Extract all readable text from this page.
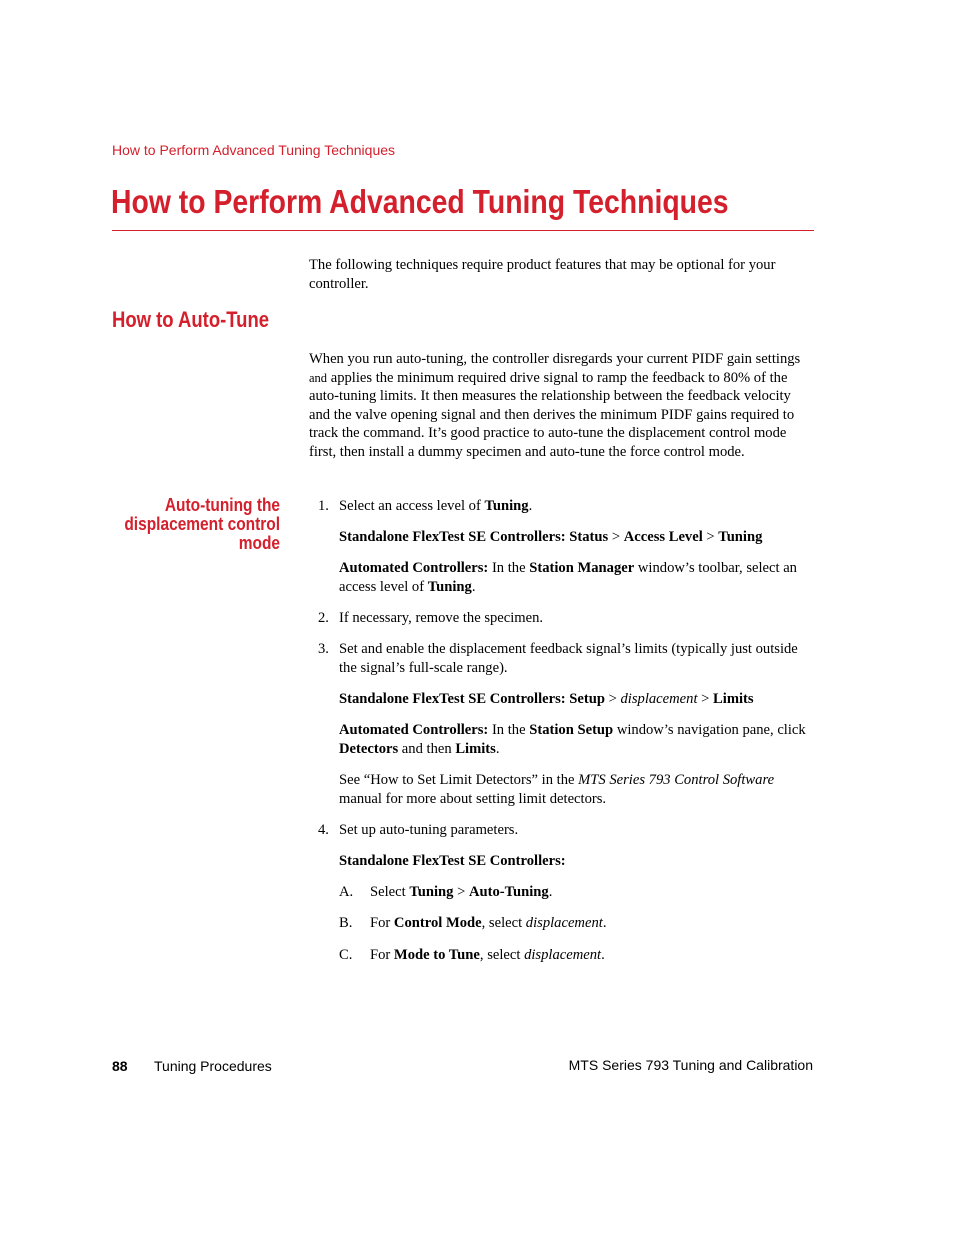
How to Perform Advanced Tuning Techniques
How to Perform Advanced Tuning Techniques

The following techniques require product features that may be optional for your controller.

How to Auto-Tune

When you run auto-tuning, the controller disregards your current PIDF gain settings and applies the minimum required drive signal to ramp the feedback to 80% of the auto-tuning limits. It then measures the relationship between the feedback velocity and the valve opening signal and then derives the minimum PIDF gains required to track the command. It’s good practice to auto-tune the displacement control mode first, then install a dummy specimen and auto-tune the force control mode.

Auto-tuning the
displacement control
mode
1. Select an access level of Tuning.

Standalone FlexTest SE Controllers: Status > Access Level > Tuning

Automated Controllers: In the Station Manager window’s toolbar, select an access level of Tuning.

2. If necessary, remove the specimen.

3. Set and enable the displacement feedback signal’s limits (typically just outside the signal’s full-scale range).

Standalone FlexTest SE Controllers: Setup > displacement > Limits

Automated Controllers: In the Station Setup window’s navigation pane, click Detectors and then Limits.

See “How to Set Limit Detectors” in the MTS Series 793 Control Software manual for more about setting limit detectors.

4. Set up auto-tuning parameters.

Standalone FlexTest SE Controllers:

A. Select Tuning > Auto-Tuning.
B. For Control Mode, select displacement.
C. For Mode to Tune, select displacement.
88 Tuning Procedures	MTS Series 793 Tuning and Calibration
